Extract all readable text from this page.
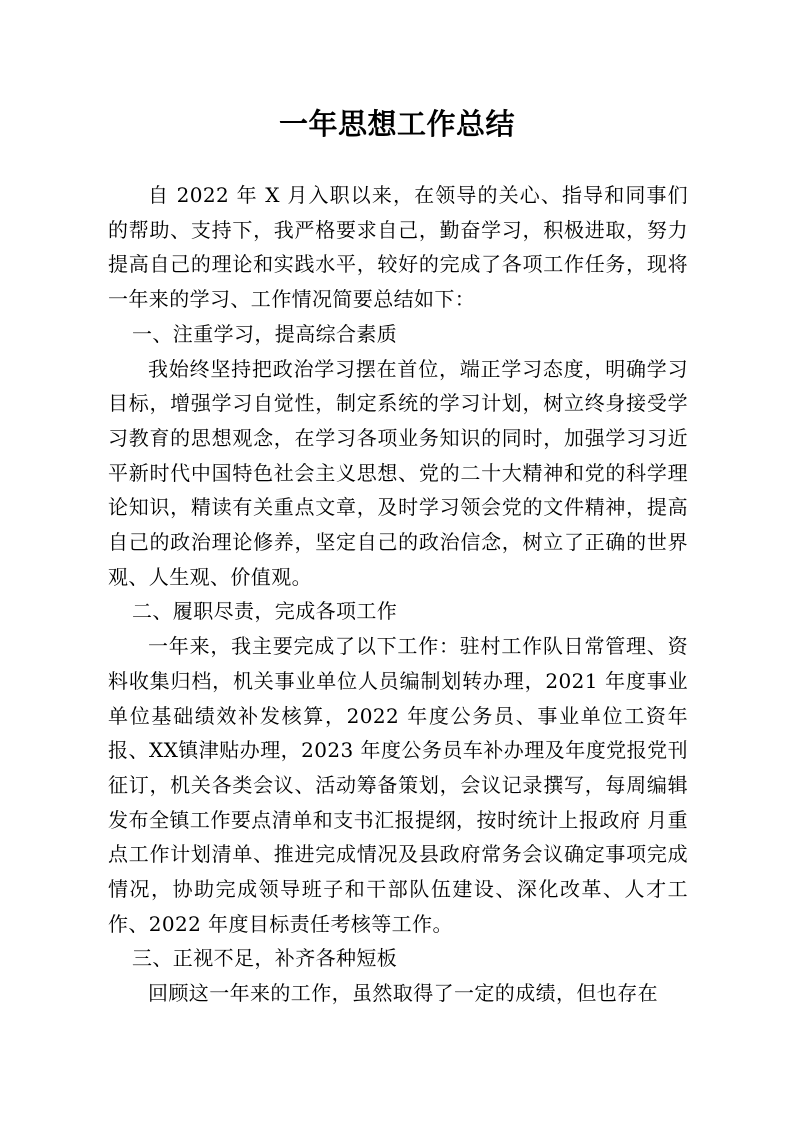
一年思想工作总结

自 2022 年 X 月入职以来，在领导的关心、指导和同事们的帮助、支持下，我严格要求自己，勤奋学习，积极进取，努力提高自己的理论和实践水平，较好的完成了各项工作任务，现将一年来的学习、工作情况简要总结如下：

一、注重学习，提高综合素质

我始终坚持把政治学习摆在首位，端正学习态度，明确学习目标，增强学习自觉性，制定系统的学习计划，树立终身接受学习教育的思想观念，在学习各项业务知识的同时，加强学习习近平新时代中国特色社会主义思想、党的二十大精神和党的科学理论知识，精读有关重点文章，及时学习领会党的文件精神，提高自己的政治理论修养，坚定自己的政治信念，树立了正确的世界观、人生观、价值观。

二、履职尽责，完成各项工作

一年来，我主要完成了以下工作：驻村工作队日常管理、资料收集归档，机关事业单位人员编制划转办理，2021 年度事业单位基础绩效补发核算，2022 年度公务员、事业单位工资年报、XX镇津贴办理，2023 年度公务员车补办理及年度党报党刊征订，机关各类会议、活动筹备策划，会议记录撰写，每周编辑发布全镇工作要点清单和支书汇报提纲，按时统计上报政府 月重点工作计划清单、推进完成情况及县政府常务会议确定事项完成情况，协助完成领导班子和干部队伍建设、深化改革、人才工作、2022 年度目标责任考核等工作。

三、正视不足，补齐各种短板

回顾这一年来的工作，虽然取得了一定的成绩，但也存在
